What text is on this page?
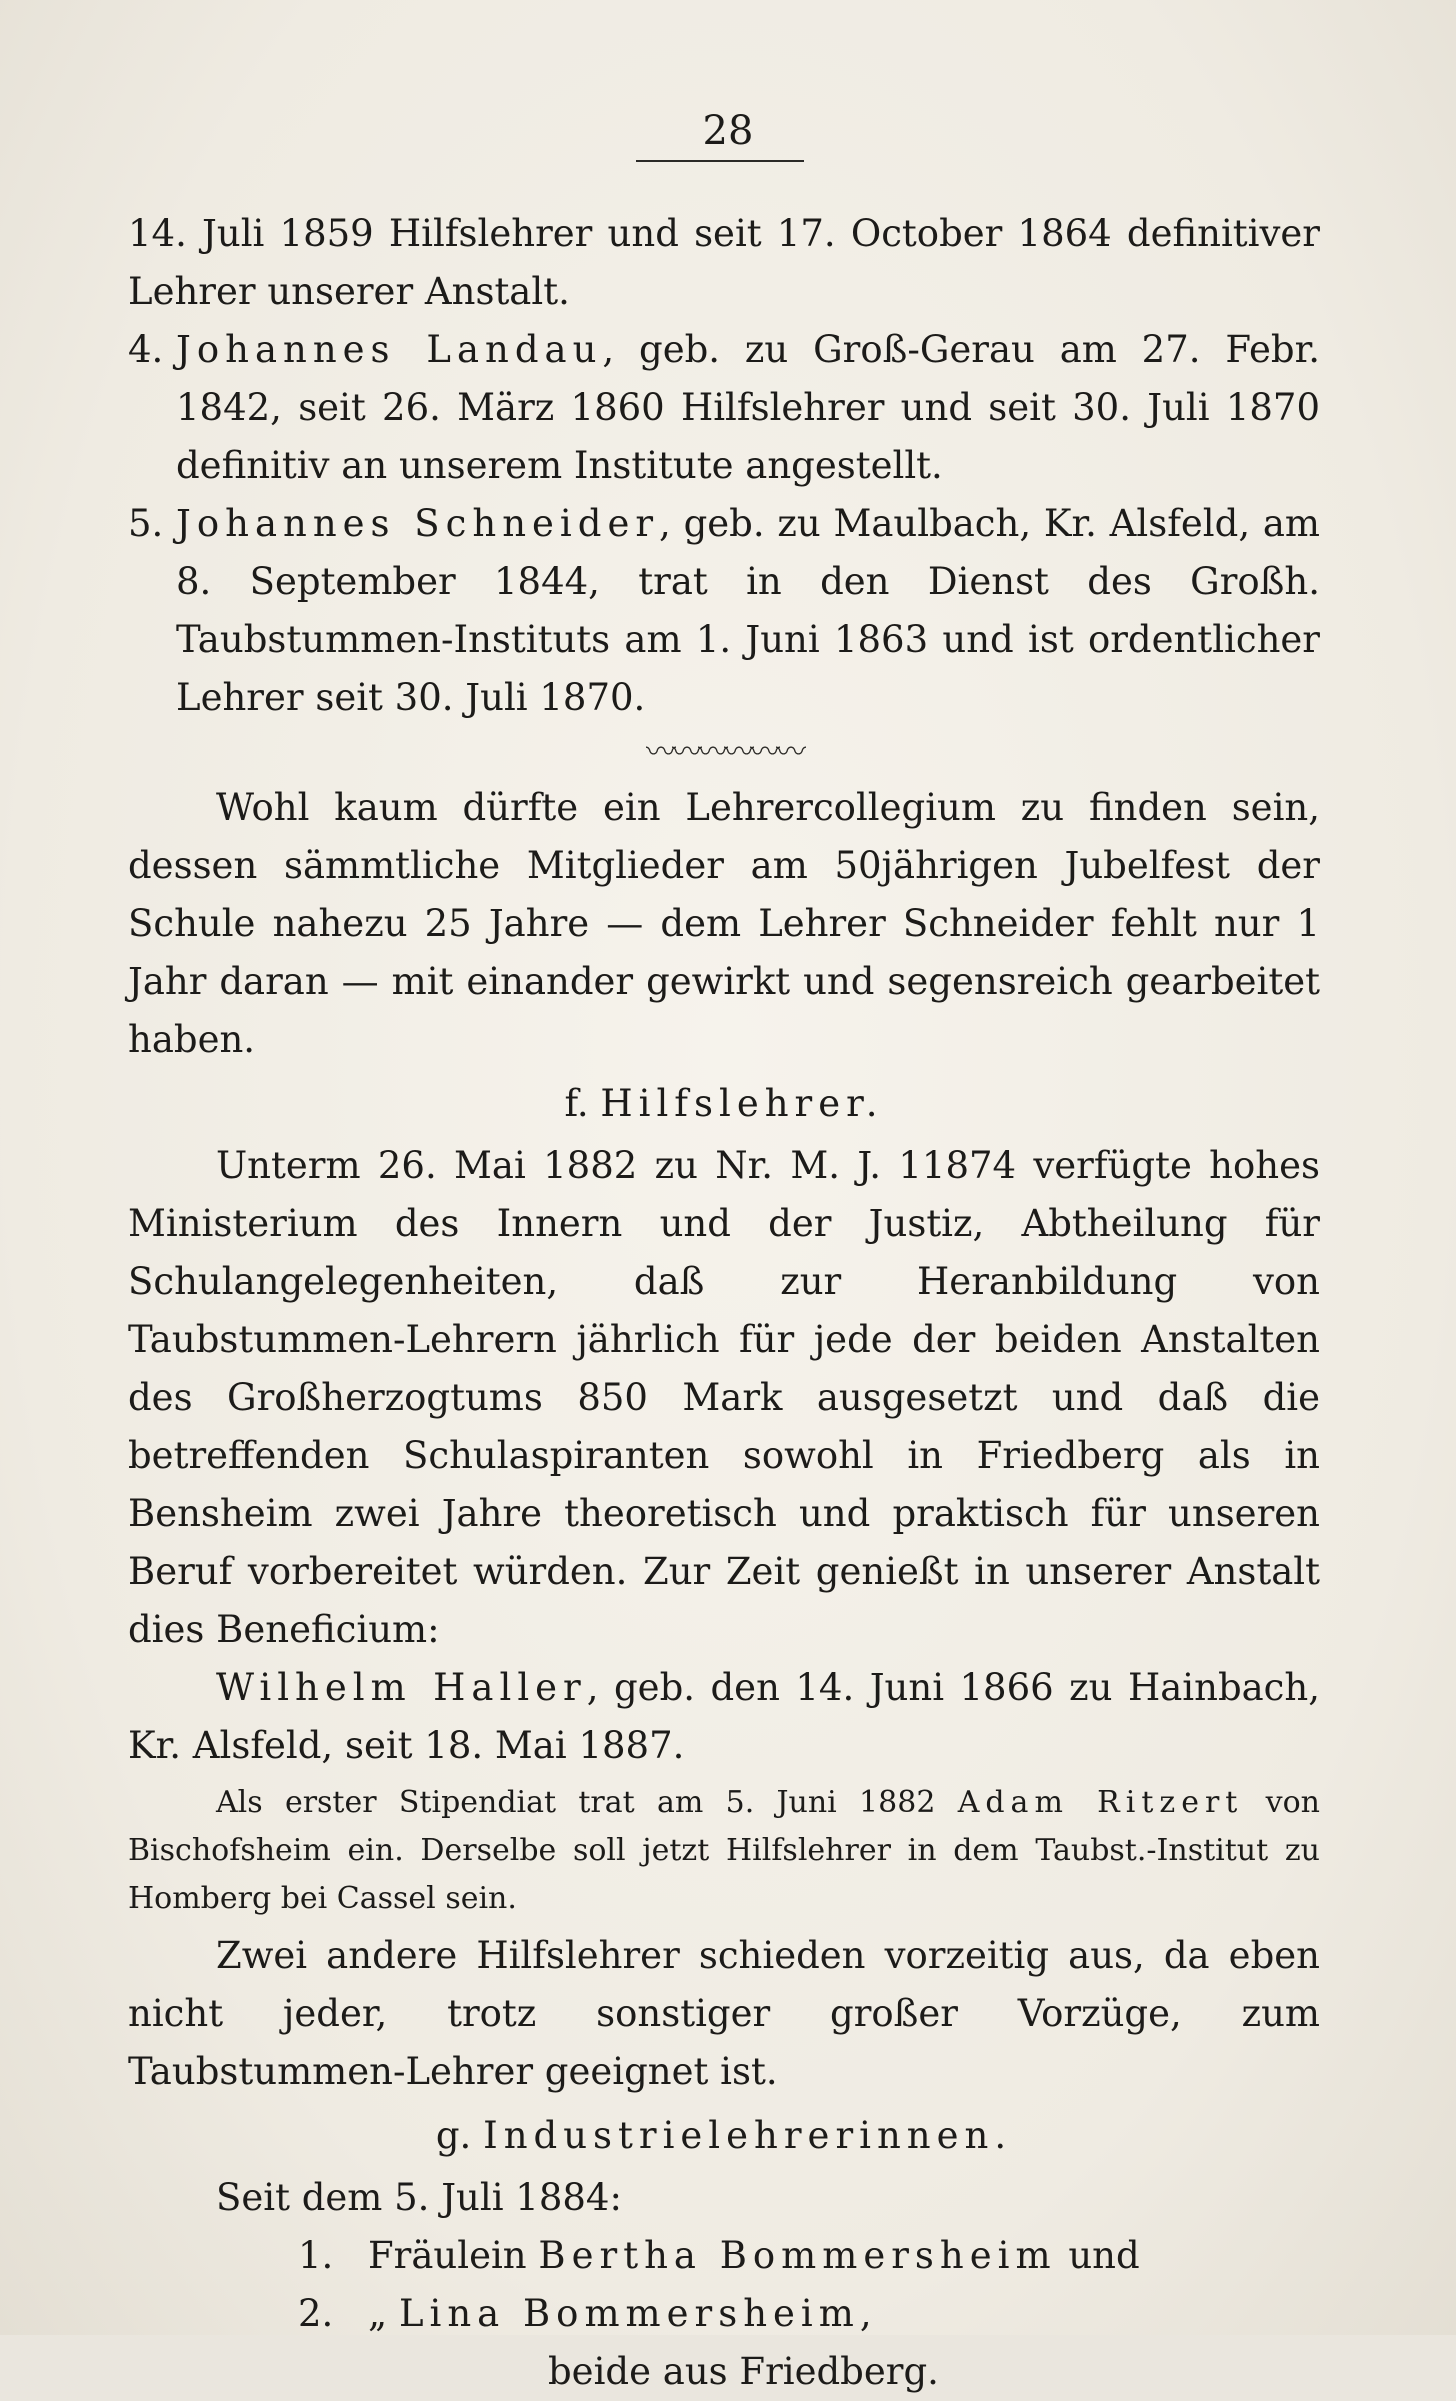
28

14. Juli 1859 Hilfslehrer und seit 17. October 1864 definitiver Lehrer unserer Anstalt.

4. Johannes Landau, geb. zu Groß-Gerau am 27. Febr. 1842, seit 26. März 1860 Hilfslehrer und seit 30. Juli 1870 definitiv an unserem Institute angestellt.

5. Johannes Schneider, geb. zu Maulbach, Kr. Alsfeld, am 8. September 1844, trat in den Dienst des Großh. Taubstummen-Instituts am 1. Juni 1863 und ist ordentlicher Lehrer seit 30. Juli 1870.

〰〰〰〰〰〰

Wohl kaum dürfte ein Lehrercollegium zu finden sein, dessen sämmtliche Mitglieder am 50jährigen Jubelfest der Schule nahezu 25 Jahre — dem Lehrer Schneider fehlt nur 1 Jahr daran — mit einander gewirkt und segensreich gearbeitet haben.

f. Hilfslehrer.

Unterm 26. Mai 1882 zu Nr. M. J. 11874 verfügte hohes Ministerium des Innern und der Justiz, Abtheilung für Schulangelegenheiten, daß zur Heranbildung von Taubstummen-Lehrern jährlich für jede der beiden Anstalten des Großherzogtums 850 Mark ausgesetzt und daß die betreffenden Schulaspiranten sowohl in Friedberg als in Bensheim zwei Jahre theoretisch und praktisch für unseren Beruf vorbereitet würden. Zur Zeit genießt in unserer Anstalt dies Beneficium:

Wilhelm Haller, geb. den 14. Juni 1866 zu Hainbach, Kr. Alsfeld, seit 18. Mai 1887.

Als erster Stipendiat trat am 5. Juni 1882 Adam Ritzert von Bischofsheim ein. Derselbe soll jetzt Hilfslehrer in dem Taubst.-Institut zu Homberg bei Cassel sein.

Zwei andere Hilfslehrer schieden vorzeitig aus, da eben nicht jeder, trotz sonstiger großer Vorzüge, zum Taubstummen-Lehrer geeignet ist.

g. Industrielehrerinnen.

Seit dem 5. Juli 1884:

1. Fräulein Bertha Bommersheim und
2. „ Lina Bommersheim,
beide aus Friedberg.
